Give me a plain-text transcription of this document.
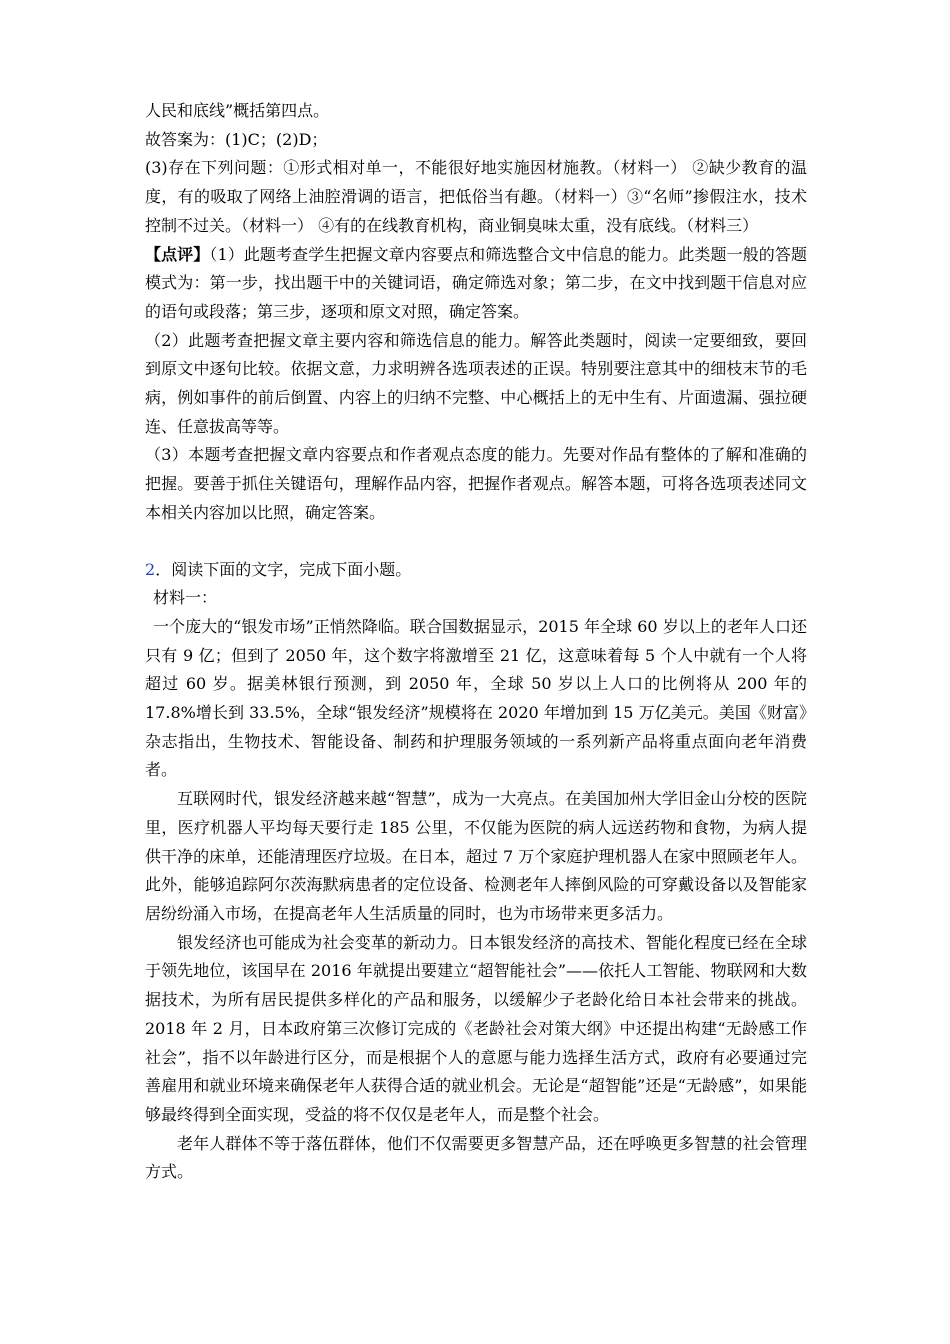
人民和底线”概括第四点。

故答案为：(1)C；(2)D；

(3)存在下列问题：①形式相对单一，不能很好地实施因材施教。（材料一） ②缺少教育的温度，有的吸取了网络上油腔滑调的语言，把低俗当有趣。（材料一）③“名师”掺假注水，技术控制不过关。（材料一） ④有的在线教育机构，商业铜臭味太重，没有底线。（材料三）

【点评】（1）此题考查学生把握文章内容要点和筛选整合文中信息的能力。此类题一般的答题模式为：第一步，找出题干中的关键词语，确定筛选对象；第二步，在文中找到题干信息对应的语句或段落；第三步，逐项和原文对照，确定答案。

（2）此题考查把握文章主要内容和筛选信息的能力。解答此类题时，阅读一定要细致，要回到原文中逐句比较。依据文意，力求明辨各选项表述的正误。特别要注意其中的细枝末节的毛病，例如事件的前后倒置、内容上的归纳不完整、中心概括上的无中生有、片面遗漏、强拉硬连、任意拔高等等。

（3）本题考查把握文章内容要点和作者观点态度的能力。先要对作品有整体的了解和准确的把握。要善于抓住关键语句，理解作品内容，把握作者观点。解答本题，可将各选项表述同文本相关内容加以比照，确定答案。

2．阅读下面的文字，完成下面小题。

材料一：

一个庞大的“银发市场”正悄然降临。联合国数据显示，2015 年全球 60 岁以上的老年人口还只有 9 亿；但到了 2050 年，这个数字将激增至 21 亿，这意味着每 5 个人中就有一个人将超过 60 岁。据美林银行预测，到 2050 年，全球 50 岁以上人口的比例将从 200 年的 17.8%增长到 33.5%，全球“银发经济”规模将在 2020 年增加到 15 万亿美元。美国《财富》杂志指出，生物技术、智能设备、制药和护理服务领域的一系列新产品将重点面向老年消费者。

互联网时代，银发经济越来越“智慧”，成为一大亮点。在美国加州大学旧金山分校的医院里，医疗机器人平均每天要行走 185 公里，不仅能为医院的病人远送药物和食物，为病人提供干净的床单，还能清理医疗垃圾。在日本，超过 7 万个家庭护理机器人在家中照顾老年人。此外，能够追踪阿尔茨海默病患者的定位设备、检测老年人摔倒风险的可穿戴设备以及智能家居纷纷涌入市场，在提高老年人生活质量的同时，也为市场带来更多活力。

银发经济也可能成为社会变革的新动力。日本银发经济的高技术、智能化程度已经在全球于领先地位，该国早在 2016 年就提出要建立“超智能社会”——依托人工智能、物联网和大数据技术，为所有居民提供多样化的产品和服务，以缓解少子老龄化给日本社会带来的挑战。2018 年 2 月，日本政府第三次修订完成的《老龄社会对策大纲》中还提出构建“无龄感工作社会”，指不以年龄进行区分，而是根据个人的意愿与能力选择生活方式，政府有必要通过完善雇用和就业环境来确保老年人获得合适的就业机会。无论是“超智能”还是“无龄感”，如果能够最终得到全面实现，受益的将不仅仅是老年人，而是整个社会。

老年人群体不等于落伍群体，他们不仅需要更多智慧产品，还在呼唤更多智慧的社会管理方式。
